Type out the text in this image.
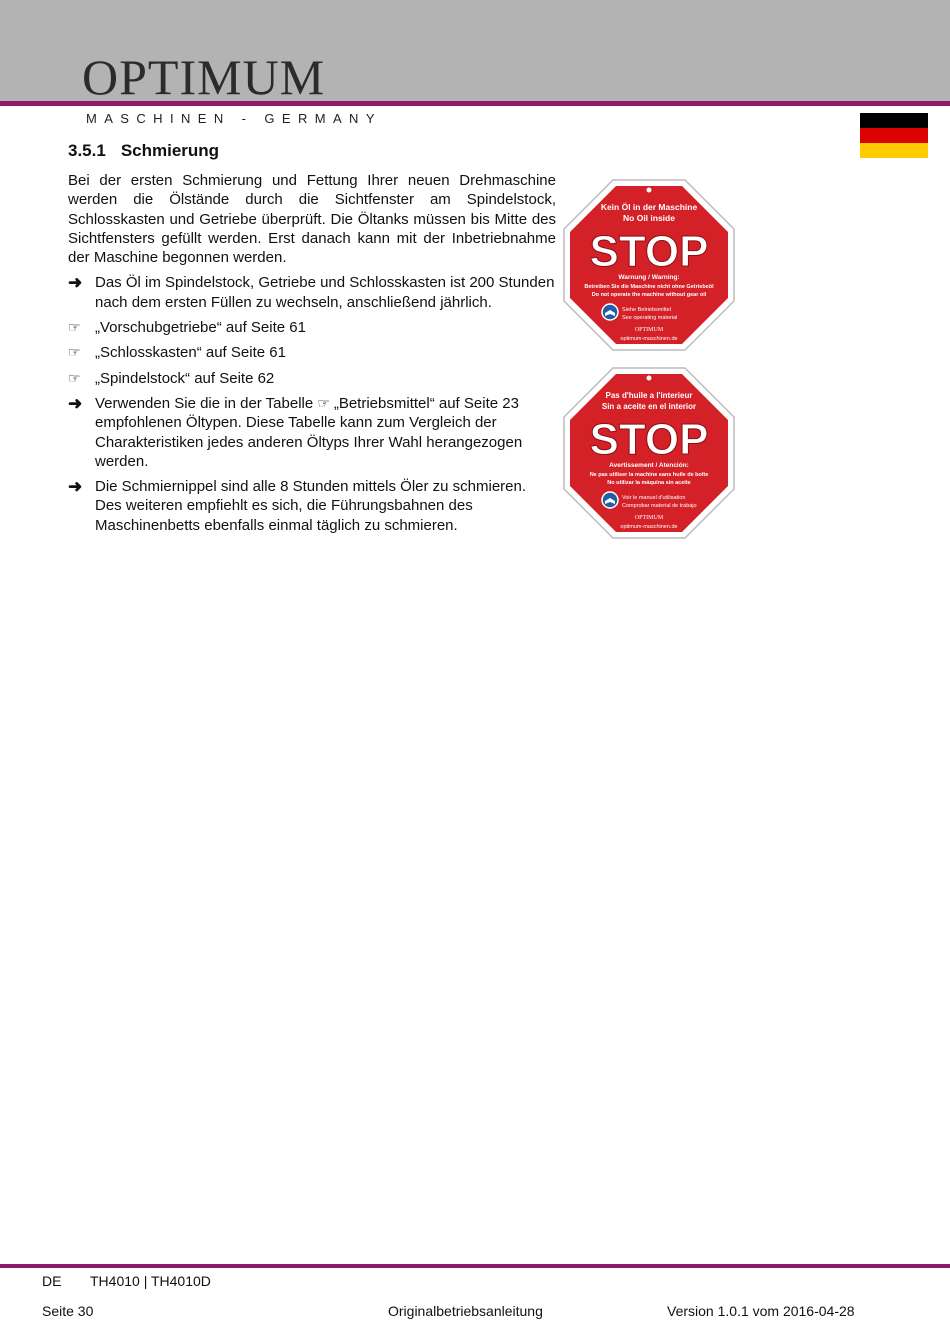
OPTIMUM
MASCHINEN - GERMANY
3.5.1 Schmierung

Bei der ersten Schmierung und Fettung Ihrer neuen Drehmaschine werden die Ölstände durch die Sichtfenster am Spindelstock, Schlosskasten und Getriebe überprüft. Die Öltanks müssen bis Mitte des Sichtfensters gefüllt werden. Erst danach kann mit der Inbetriebnahme der Maschine begonnen werden.

➜ Das Öl im Spindelstock, Getriebe und Schlosskasten ist 200 Stunden nach dem ersten Füllen zu wechseln, anschließend jährlich.
☞ „Vorschubgetriebe“ auf Seite 61
☞ „Schlosskasten“ auf Seite 61
☞ „Spindelstock“ auf Seite 62
➜ Verwenden Sie die in der Tabelle ☞ „Betriebsmittel“ auf Seite 23 empfohlenen Öltypen. Diese Tabelle kann zum Vergleich der Charakteristiken jedes anderen Öltyps Ihrer Wahl herangezogen werden.
➜ Die Schmiernippel sind alle 8 Stunden mittels Öler zu schmieren. Des weiteren empfiehlt es sich, die Führungsbahnen des Maschinenbetts ebenfalls einmal täglich zu schmieren.
Kein Öl in der Maschine
No Oil inside
STOP
Warnung / Warning:
Betreiben Sie die Maschine nicht ohne Getriebeöl
Do not operate the machine without gear oil
Siehe Betriebsmittel
See operating material
OPTIMUM
optimum-maschinen.de
Pas d'huile a l'interieur
Sin a aceite en el interior
STOP
Avertissement / Atención:
Ne pas utiliser la machine sans huile de boîte
No utilizar la máquina sin aceite
Voir le manuel d'utilisation
Comprobar material de trabajo
OPTIMUM
optimum-maschinen.de
DE TH4010 | TH4010D
Seite 30	Originalbetriebsanleitung	Version 1.0.1 vom 2016-04-28
